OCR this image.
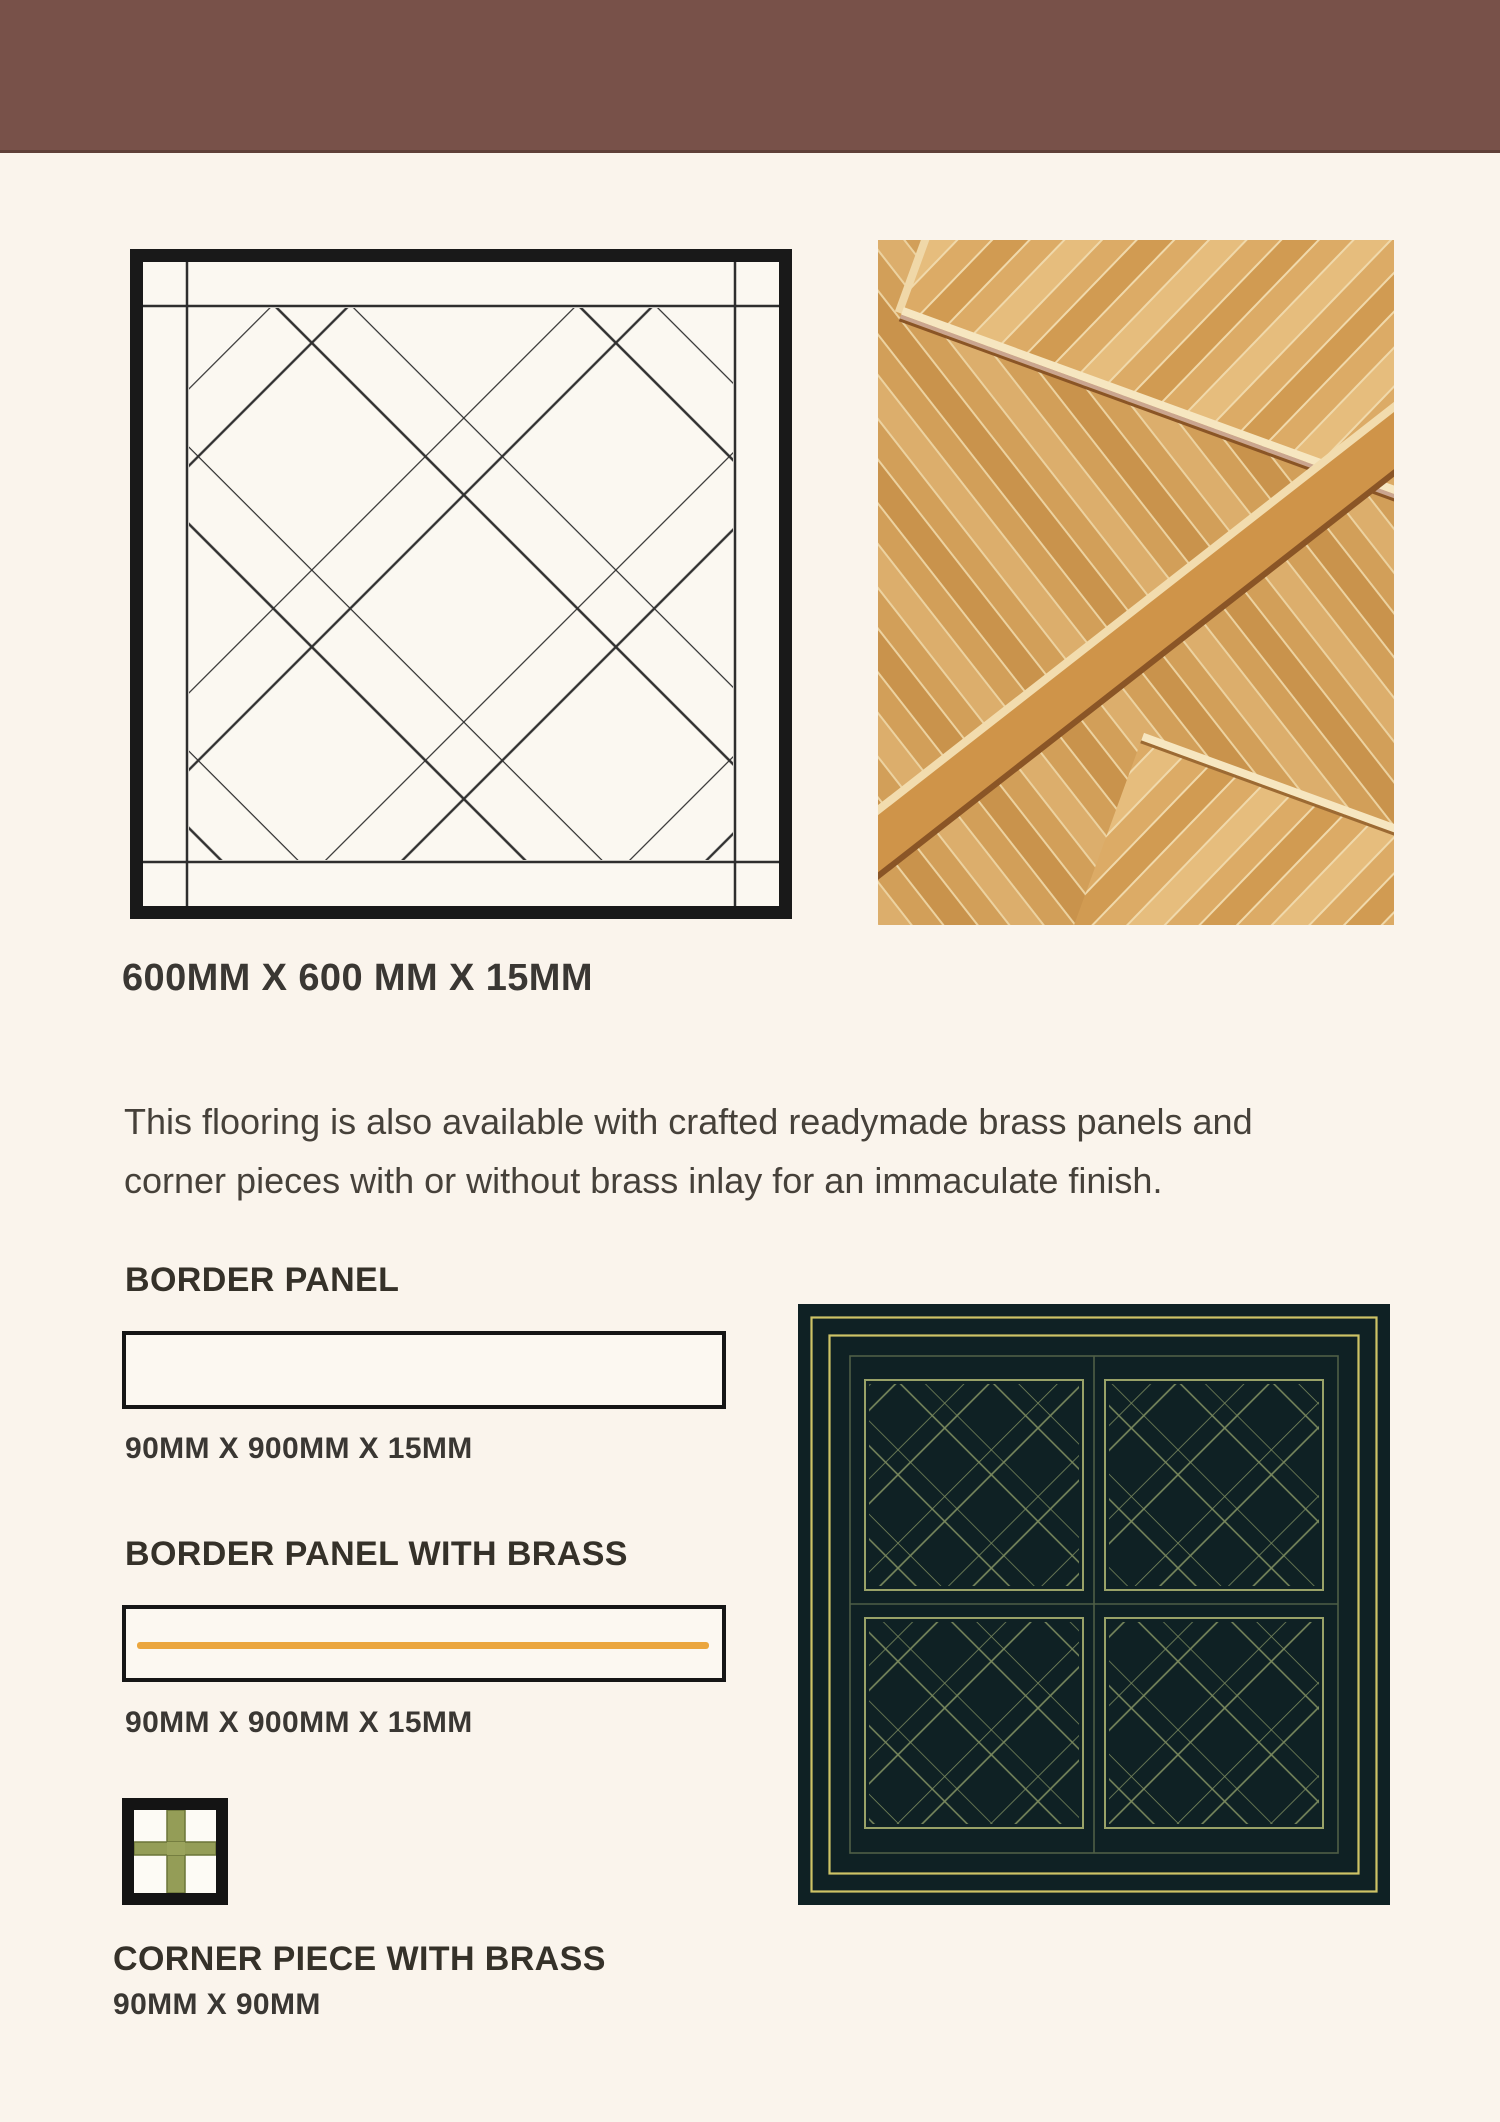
600MM X 600 MM X 15MM
This flooring is also available with crafted readymade brass panels and
corner pieces with or without brass inlay for an immaculate finish.
BORDER PANEL
90MM X 900MM X 15MM
BORDER PANEL WITH BRASS
90MM X 900MM X 15MM
CORNER PIECE WITH BRASS
90MM X 90MM
